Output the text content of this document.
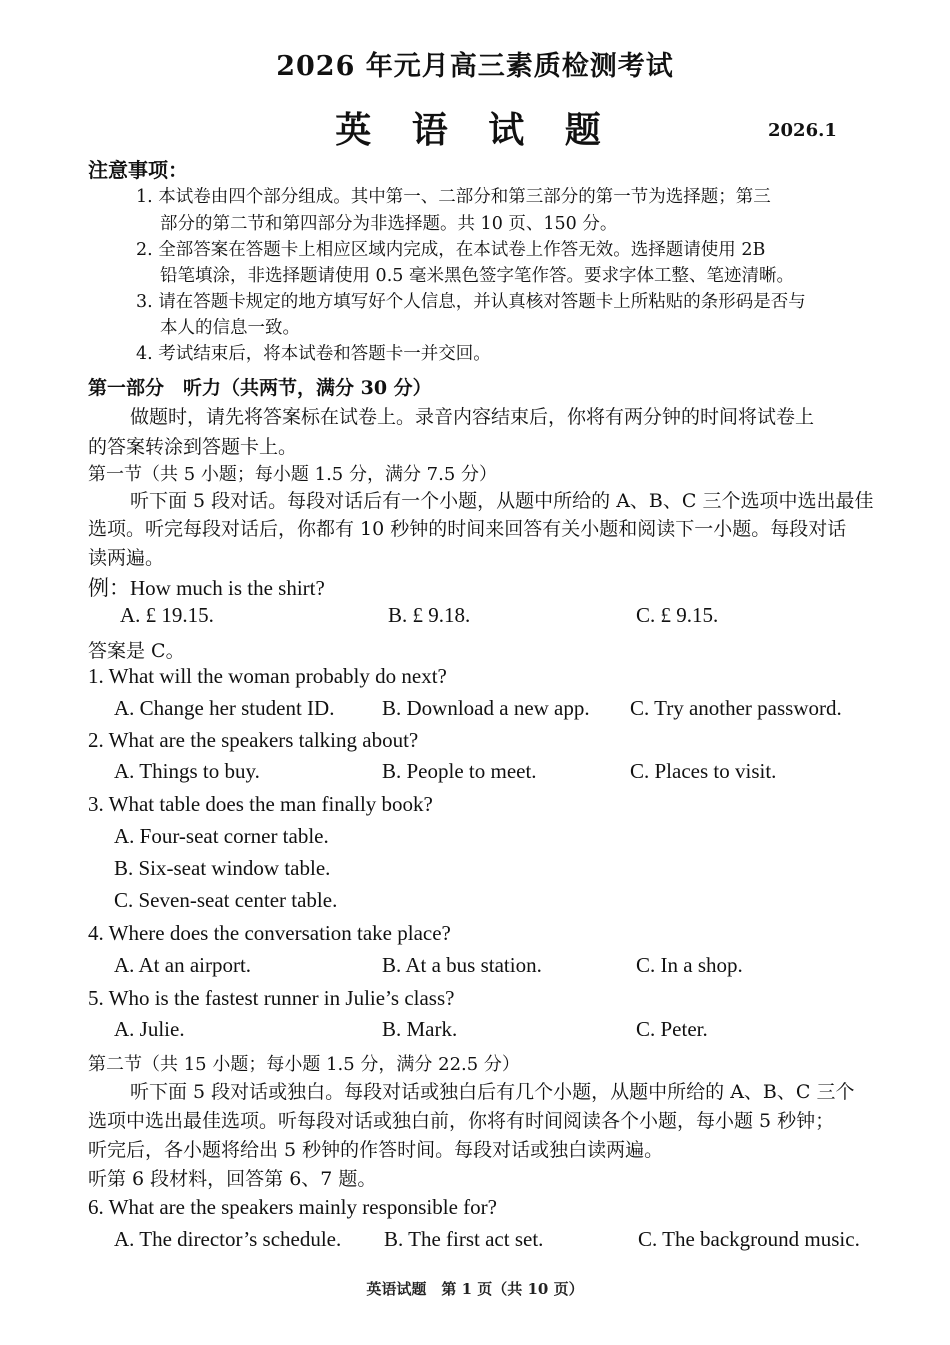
2026 年元月高三素质检测考试
英 语 试 题	2026.1
注意事项：
1. 本试卷由四个部分组成。其中第一、二部分和第三部分的第一节为选择题；第三
部分的第二节和第四部分为非选择题。共 10 页、150 分。
2. 全部答案在答题卡上相应区域内完成，在本试卷上作答无效。选择题请使用 2B
铅笔填涂，非选择题请使用 0.5 毫米黑色签字笔作答。要求字体工整、笔迹清晰。
3. 请在答题卡规定的地方填写好个人信息，并认真核对答题卡上所粘贴的条形码是否与
本人的信息一致。
4. 考试结束后，将本试卷和答题卡一并交回。
第一部分　听力（共两节，满分 30 分）
做题时，请先将答案标在试卷上。录音内容结束后，你将有两分钟的时间将试卷上
的答案转涂到答题卡上。
第一节（共 5 小题；每小题 1.5 分，满分 7.5 分）
听下面 5 段对话。每段对话后有一个小题，从题中所给的 A、B、C 三个选项中选出最佳
选项。听完每段对话后，你都有 10 秒钟的时间来回答有关小题和阅读下一小题。每段对话
读两遍。
例：How much is the shirt?
A. £ 19.15.	B. £ 9.18.	C. £ 9.15.
答案是 C。
1. What will the woman probably do next?
A. Change her student ID. B. Download a new app. C. Try another password.
2. What are the speakers talking about?
A. Things to buy.	B. People to meet.	C. Places to visit.
3. What table does the man finally book?
A. Four-seat corner table.
B. Six-seat window table.
C. Seven-seat center table.
4. Where does the conversation take place?
A. At an airport.	B. At a bus station.	C. In a shop.
5. Who is the fastest runner in Julie’s class?
A. Julie.	B. Mark.	C. Peter.
第二节（共 15 小题；每小题 1.5 分，满分 22.5 分）
听下面 5 段对话或独白。每段对话或独白后有几个小题，从题中所给的 A、B、C 三个
选项中选出最佳选项。听每段对话或独白前，你将有时间阅读各个小题，每小题 5 秒钟；
听完后，各小题将给出 5 秒钟的作答时间。每段对话或独白读两遍。
听第 6 段材料，回答第 6、7 题。
6. What are the speakers mainly responsible for?
A. The director’s schedule. B. The first act set.	C. The background music.
英语试题　第 1 页（共 10 页）
